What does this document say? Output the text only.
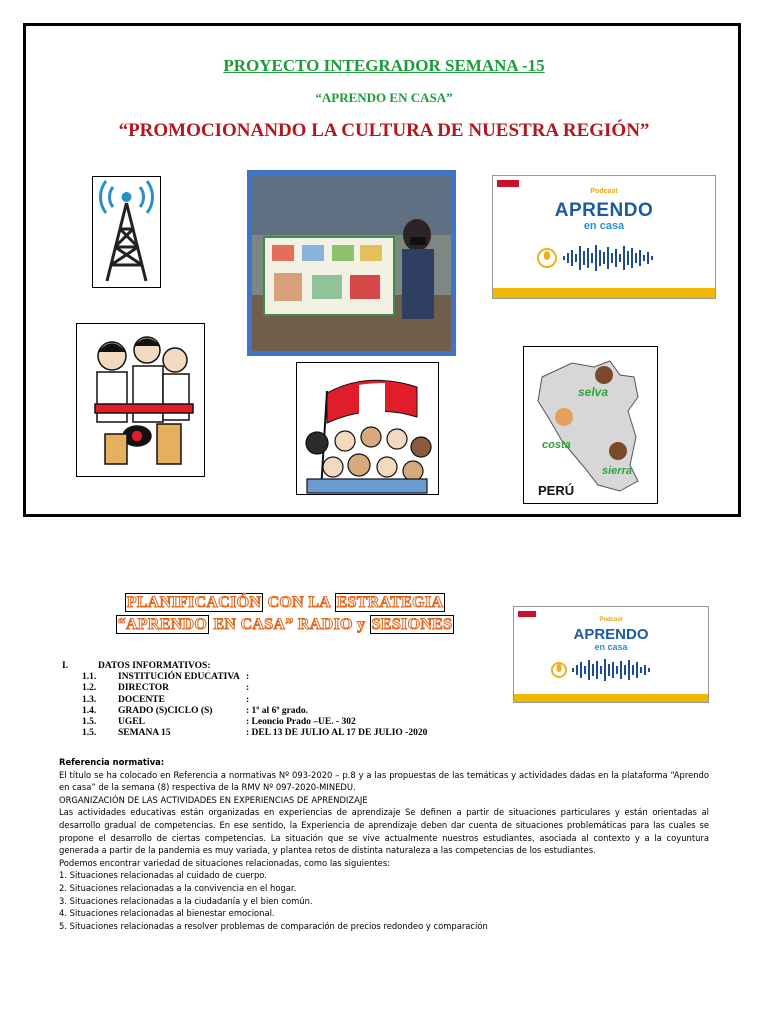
PROYECTO INTEGRADOR SEMANA -15
“APRENDO EN CASA”
“PROMOCIONANDO LA CULTURA DE NUESTRA REGIÓN”
Podcast
APRENDO
en casa
selva
costa
sierra
PERÚ
PLANIFICACIÓN CON LA ESTRATEGIA
“APRENDO EN CASA” RADIO y SESIONES	Podcast
APRENDO
en casa
I.	DATOS INFORMATIVOS:
1.1.	INSTITUCIÓN EDUCATIVA :
1.2.	DIRECTOR	:
1.3.	DOCENTE	:
1.4.	GRADO (S)CICLO (S)	: 1º al 6º grado.
1.5.	UGEL	: Leoncio Prado –UE. - 302
1.5.	SEMANA 15	: DEL 13 DE JULIO AL 17 DE JULIO -2020

Referencia normativa:

El título se ha colocado en Referencia a normativas Nº 093-2020 – p.8 y a las propuestas de las temáticas y actividades dadas en la plataforma “Aprendo en casa” de la semana (8) respectiva de la RMV Nº 097-2020-MINEDU.

ORGANIZACIÓN DE LAS ACTIVIDADES EN EXPERIENCIAS DE APRENDIZAJE

Las actividades educativas están organizadas en experiencias de aprendizaje Se definen a partir de situaciones particulares y están orientadas al desarrollo gradual de competencias. En ese sentido, la Experiencia de aprendizaje deben dar cuenta de situaciones problemáticas para las cuales se propone el desarrollo de ciertas competencias. La situación que se vive actualmente nuestros estudiantes, asociada al contexto y a la coyuntura generada a partir de la pandemia es muy variada, y plantea retos de distinta naturaleza a las competencias de los estudiantes.

Podemos encontrar variedad de situaciones relacionadas, como las siguientes:

1. Situaciones relacionadas al cuidado de cuerpo.

2. Situaciones relacionadas a la convivencia en el hogar.

3. Situaciones relacionadas a la ciudadanía y el bien común.

4. Situaciones relacionadas al bienestar emocional.

5. Situaciones relacionadas a resolver problemas de comparación de precios redondeo y comparación
